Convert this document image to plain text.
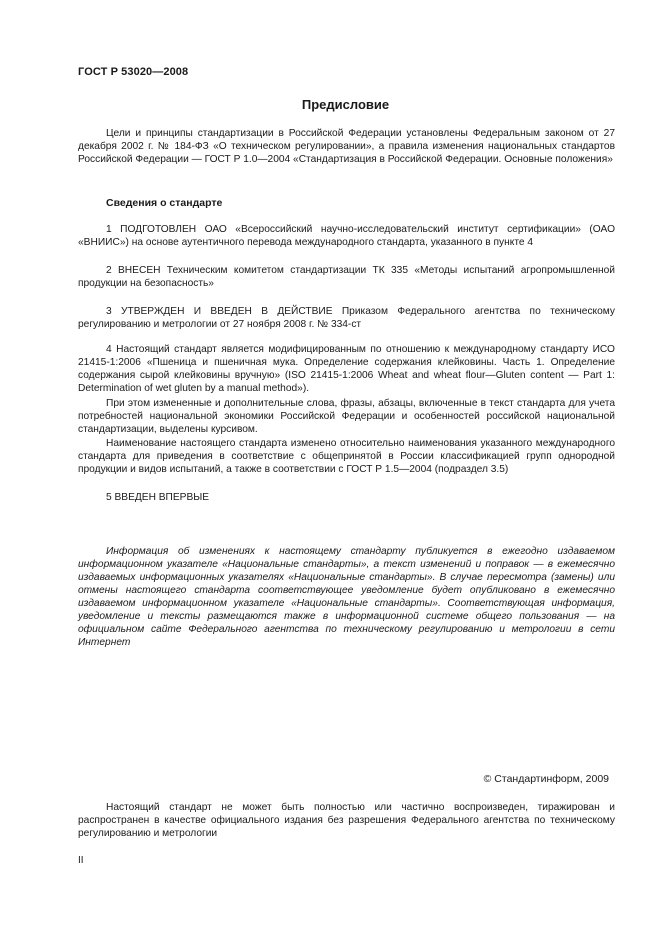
ГОСТ Р 53020—2008
Предисловие

Цели и принципы стандартизации в Российской Федерации установлены Федеральным законом от 27 декабря 2002 г. № 184-ФЗ «О техническом регулировании», а правила изменения национальных стандартов Российской Федерации — ГОСТ Р 1.0—2004 «Стандартизация в Российской Федерации. Основные положения»

Сведения о стандарте

1 ПОДГОТОВЛЕН ОАО «Всероссийский научно-исследовательский институт сертификации» (ОАО «ВНИИС») на основе аутентичного перевода международного стандарта, указанного в пункте 4

2 ВНЕСЕН Техническим комитетом стандартизации ТК 335 «Методы испытаний агропромышленной продукции на безопасность»

3 УТВЕРЖДЕН И ВВЕДЕН В ДЕЙСТВИЕ Приказом Федерального агентства по техническому регулированию и метрологии от 27 ноября 2008 г. № 334-ст

4 Настоящий стандарт является модифицированным по отношению к международному стандарту ИСО 21415-1:2006 «Пшеница и пшеничная мука. Определение содержания клейковины. Часть 1. Определение содержания сырой клейковины вручную» (ISO 21415-1:2006 Wheat and wheat flour—Gluten content — Part 1: Determination of wet gluten by a manual method»).

При этом измененные и дополнительные слова, фразы, абзацы, включенные в текст стандарта для учета потребностей национальной экономики Российской Федерации и особенностей российской национальной стандартизации, выделены курсивом.

Наименование настоящего стандарта изменено относительно наименования указанного международного стандарта для приведения в соответствие с общепринятой в России классификацией групп однородной продукции и видов испытаний, а также в соответствии с ГОСТ Р 1.5—2004 (подраздел 3.5)

5 ВВЕДЕН ВПЕРВЫЕ

Информация об изменениях к настоящему стандарту публикуется в ежегодно издаваемом информационном указателе «Национальные стандарты», а текст изменений и поправок — в ежемесячно издаваемых информационных указателях «Национальные стандарты». В случае пересмотра (замены) или отмены настоящего стандарта соответствующее уведомление будет опубликовано в ежемесячно издаваемом информационном указателе «Национальные стандарты». Соответствующая информация, уведомление и тексты размещаются также в информационной системе общего пользования — на официальном сайте Федерального агентства по техническому регулированию и метрологии в сети Интернет

© Стандартинформ, 2009

Настоящий стандарт не может быть полностью или частично воспроизведен, тиражирован и распространен в качестве официального издания без разрешения Федерального агентства по техническому регулированию и метрологии

II
